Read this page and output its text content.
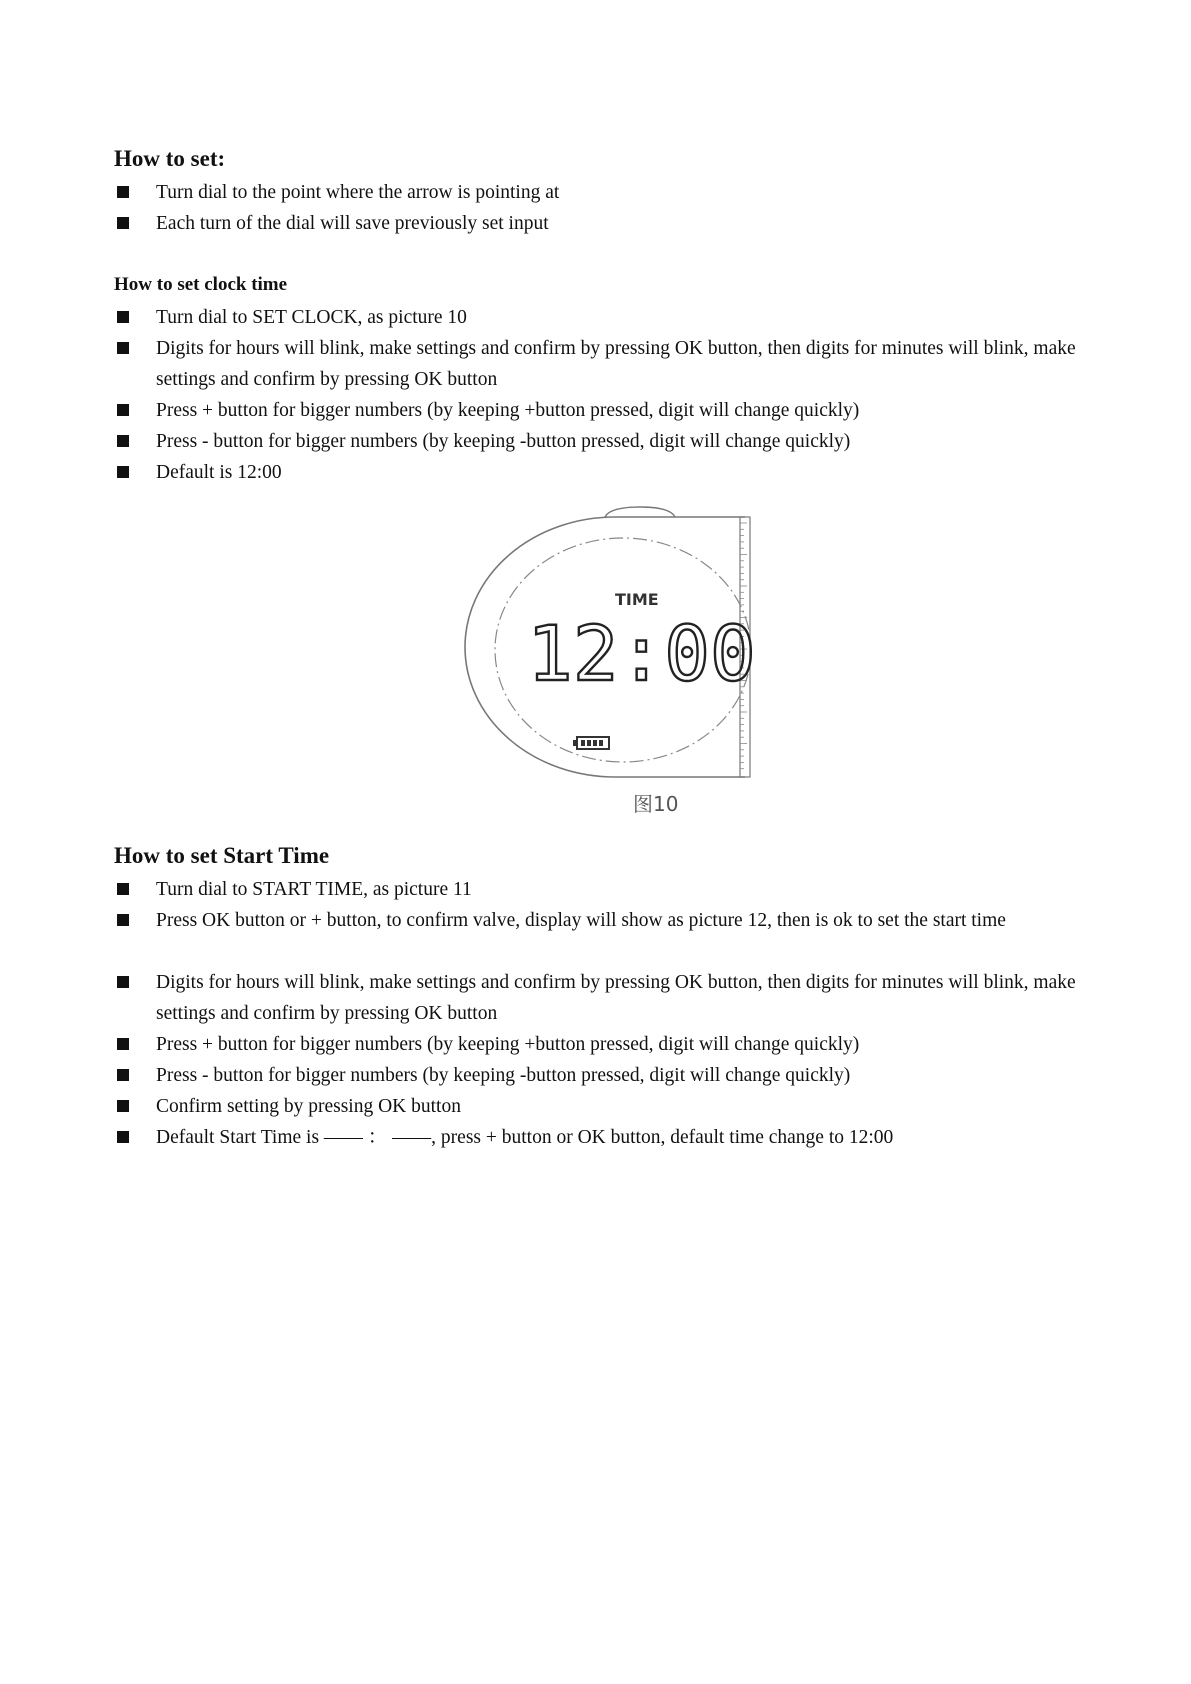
How to set:
Turn dial to the point where the arrow is pointing at
Each turn of the dial will save previously set input
How to set clock time
Turn dial to SET CLOCK, as picture 10
Digits for hours will blink, make settings and confirm by pressing OK button, then digits for minutes will blink, make settings and confirm by pressing OK button
Press + button for bigger numbers (by keeping +button pressed, digit will change quickly)
Press - button for bigger numbers (by keeping -button pressed, digit will change quickly)
Default is 12:00
TIME
12:00
图10
How to set Start Time
Turn dial to START TIME, as picture 11
Press OK button or + button, to confirm valve, display will show as picture 12, then is ok to set the start time
Digits for hours will blink, make settings and confirm by pressing OK button, then digits for minutes will blink, make settings and confirm by pressing OK button
Press + button for bigger numbers (by keeping +button pressed, digit will change quickly)
Press - button for bigger numbers (by keeping -button pressed, digit will change quickly)
Confirm setting by pressing OK button
Default Start Time is —— ： ——, press + button or OK button, default time change to 12:00
